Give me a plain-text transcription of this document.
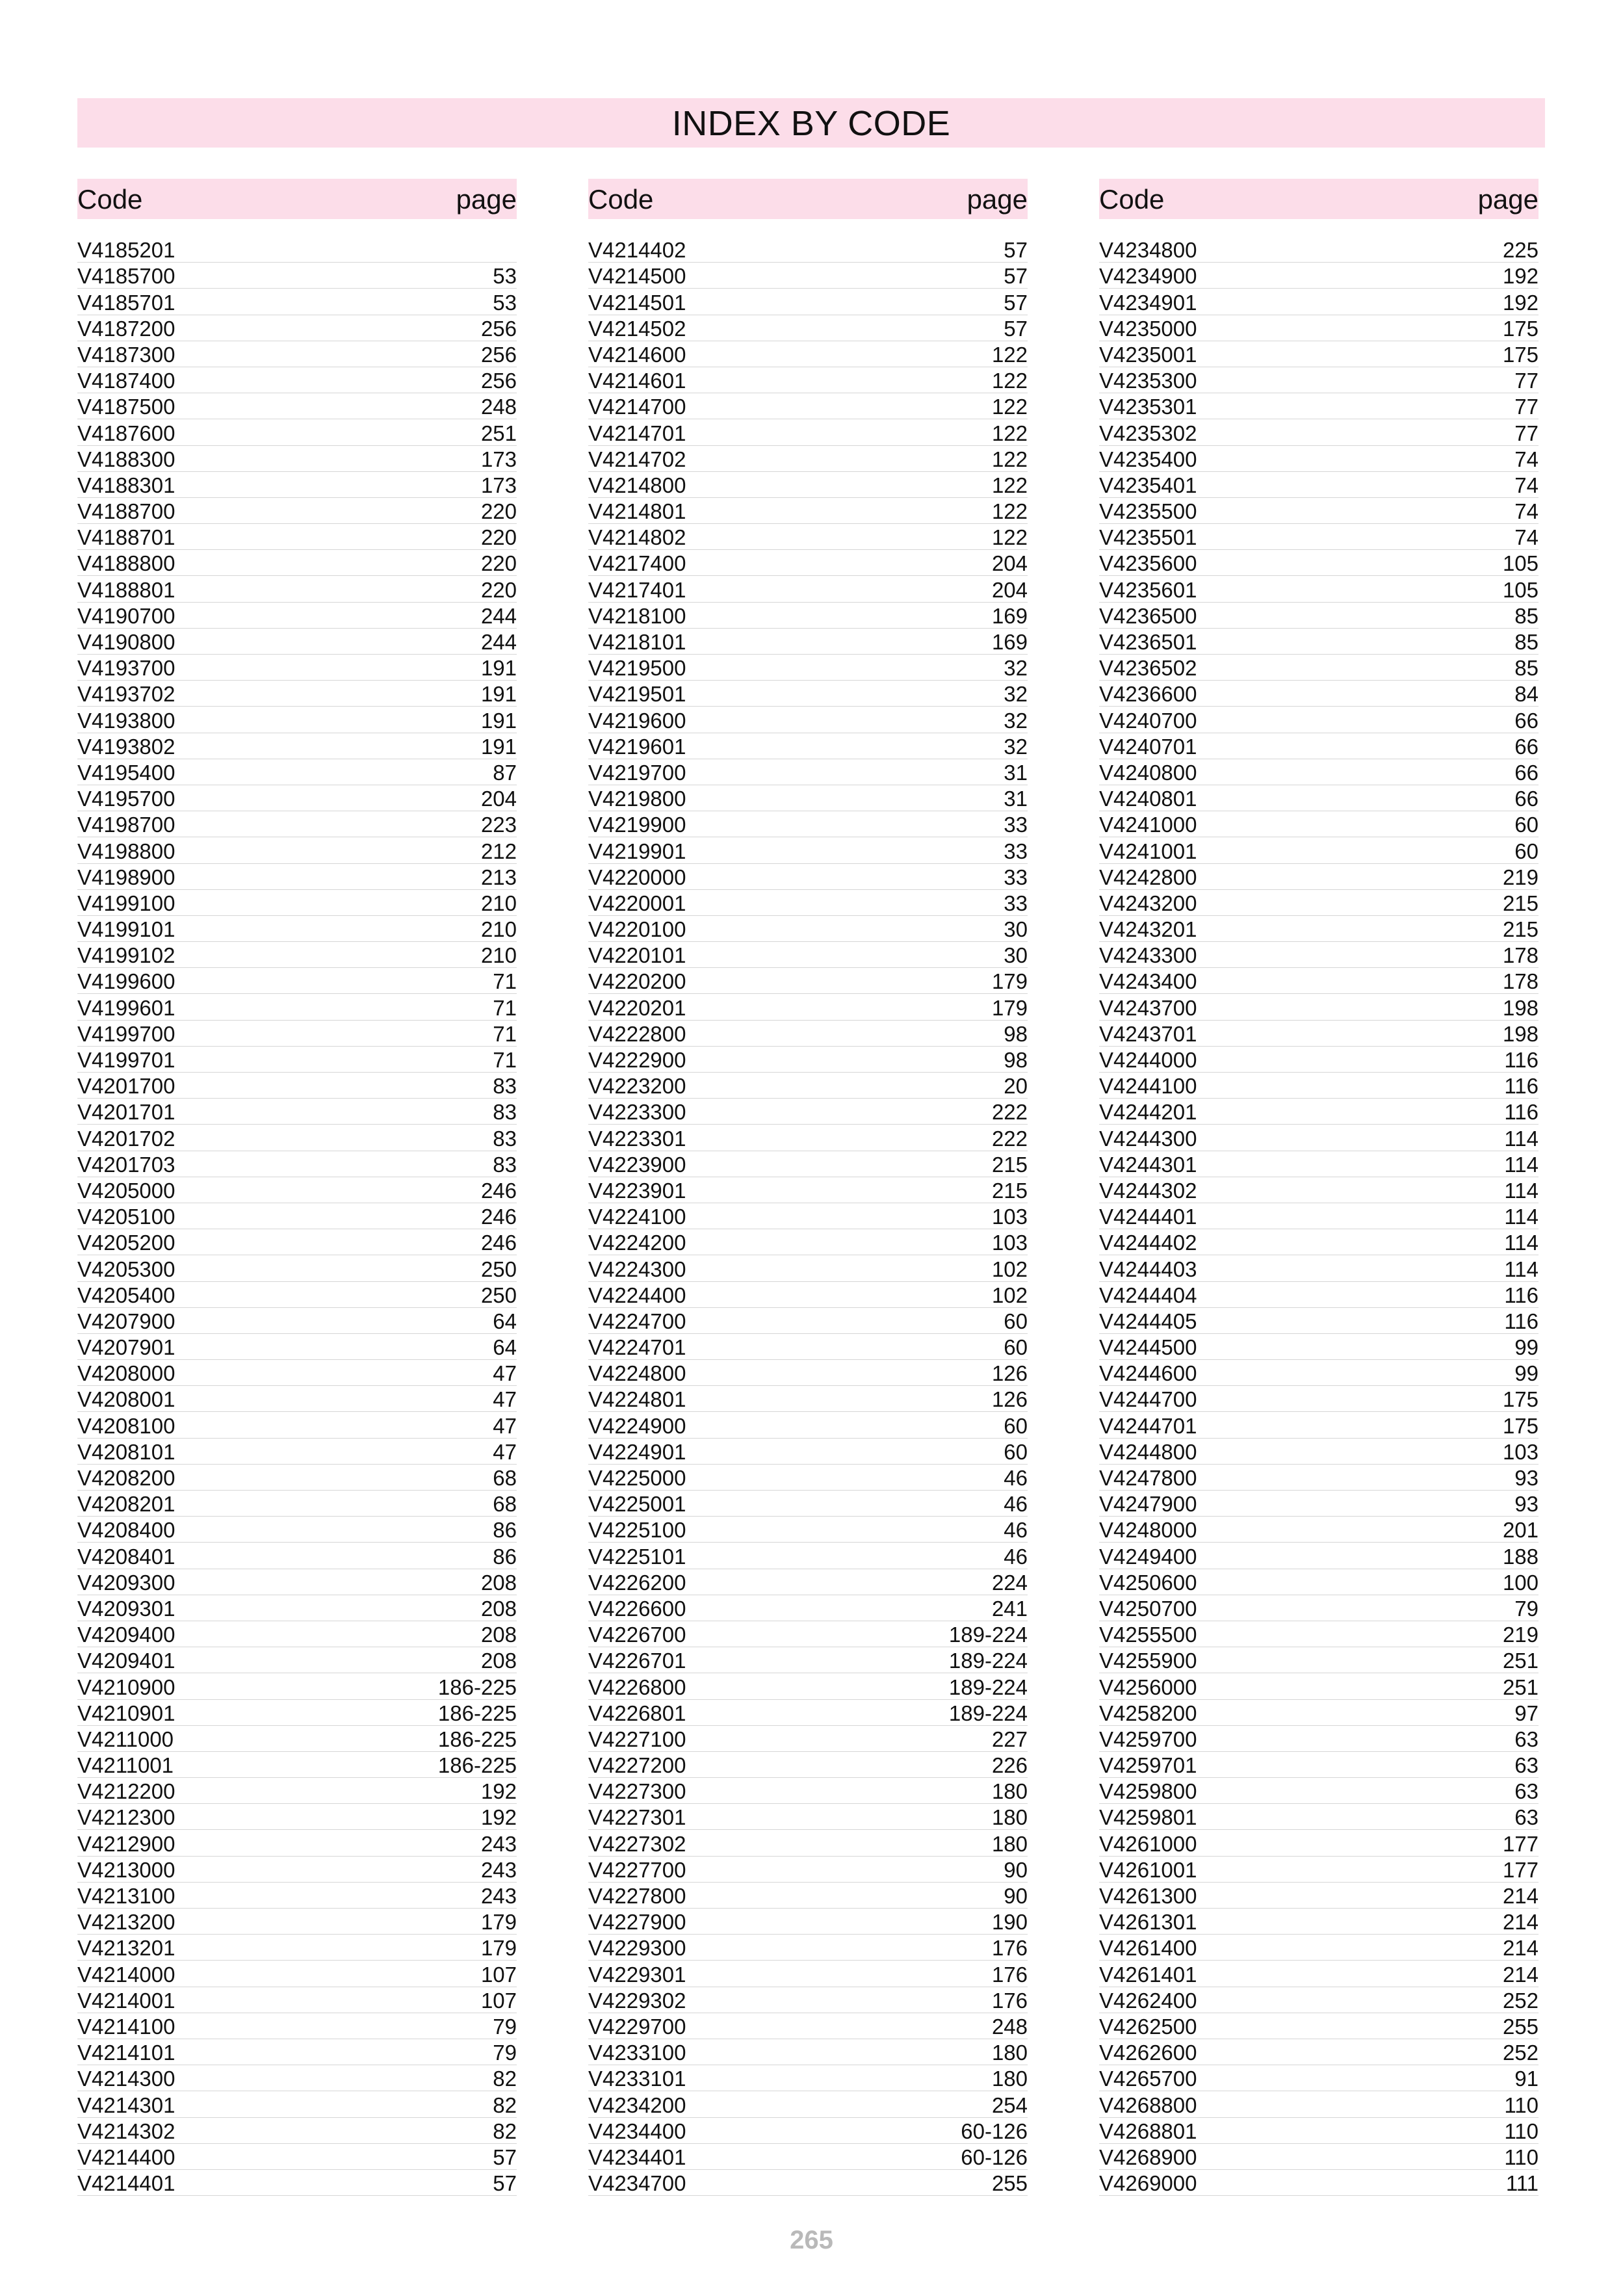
INDEX BY CODE
Code	page
V4185201
V4185700	53
V4185701	53
V4187200	256
V4187300	256
V4187400	256
V4187500	248
V4187600	251
V4188300	173
V4188301	173
V4188700	220
V4188701	220
V4188800	220
V4188801	220
V4190700	244
V4190800	244
V4193700	191
V4193702	191
V4193800	191
V4193802	191
V4195400	87
V4195700	204
V4198700	223
V4198800	212
V4198900	213
V4199100	210
V4199101	210
V4199102	210
V4199600	71
V4199601	71
V4199700	71
V4199701	71
V4201700	83
V4201701	83
V4201702	83
V4201703	83
V4205000	246
V4205100	246
V4205200	246
V4205300	250
V4205400	250
V4207900	64
V4207901	64
V4208000	47
V4208001	47
V4208100	47
V4208101	47
V4208200	68
V4208201	68
V4208400	86
V4208401	86
V4209300	208
V4209301	208
V4209400	208
V4209401	208
V4210900	186-225
V4210901	186-225
V4211000	186-225
V4211001	186-225
V4212200	192
V4212300	192
V4212900	243
V4213000	243
V4213100	243
V4213200	179
V4213201	179
V4214000	107
V4214001	107
V4214100	79
V4214101	79
V4214300	82
V4214301	82
V4214302	82
V4214400	57
V4214401	57
Code	page
V4214402	57
V4214500	57
V4214501	57
V4214502	57
V4214600	122
V4214601	122
V4214700	122
V4214701	122
V4214702	122
V4214800	122
V4214801	122
V4214802	122
V4217400	204
V4217401	204
V4218100	169
V4218101	169
V4219500	32
V4219501	32
V4219600	32
V4219601	32
V4219700	31
V4219800	31
V4219900	33
V4219901	33
V4220000	33
V4220001	33
V4220100	30
V4220101	30
V4220200	179
V4220201	179
V4222800	98
V4222900	98
V4223200	20
V4223300	222
V4223301	222
V4223900	215
V4223901	215
V4224100	103
V4224200	103
V4224300	102
V4224400	102
V4224700	60
V4224701	60
V4224800	126
V4224801	126
V4224900	60
V4224901	60
V4225000	46
V4225001	46
V4225100	46
V4225101	46
V4226200	224
V4226600	241
V4226700	189-224
V4226701	189-224
V4226800	189-224
V4226801	189-224
V4227100	227
V4227200	226
V4227300	180
V4227301	180
V4227302	180
V4227700	90
V4227800	90
V4227900	190
V4229300	176
V4229301	176
V4229302	176
V4229700	248
V4233100	180
V4233101	180
V4234200	254
V4234400	60-126
V4234401	60-126
V4234700	255
Code	page
V4234800	225
V4234900	192
V4234901	192
V4235000	175
V4235001	175
V4235300	77
V4235301	77
V4235302	77
V4235400	74
V4235401	74
V4235500	74
V4235501	74
V4235600	105
V4235601	105
V4236500	85
V4236501	85
V4236502	85
V4236600	84
V4240700	66
V4240701	66
V4240800	66
V4240801	66
V4241000	60
V4241001	60
V4242800	219
V4243200	215
V4243201	215
V4243300	178
V4243400	178
V4243700	198
V4243701	198
V4244000	116
V4244100	116
V4244201	116
V4244300	114
V4244301	114
V4244302	114
V4244401	114
V4244402	114
V4244403	114
V4244404	116
V4244405	116
V4244500	99
V4244600	99
V4244700	175
V4244701	175
V4244800	103
V4247800	93
V4247900	93
V4248000	201
V4249400	188
V4250600	100
V4250700	79
V4255500	219
V4255900	251
V4256000	251
V4258200	97
V4259700	63
V4259701	63
V4259800	63
V4259801	63
V4261000	177
V4261001	177
V4261300	214
V4261301	214
V4261400	214
V4261401	214
V4262400	252
V4262500	255
V4262600	252
V4265700	91
V4268800	110
V4268801	110
V4268900	110
V4269000	111
265
